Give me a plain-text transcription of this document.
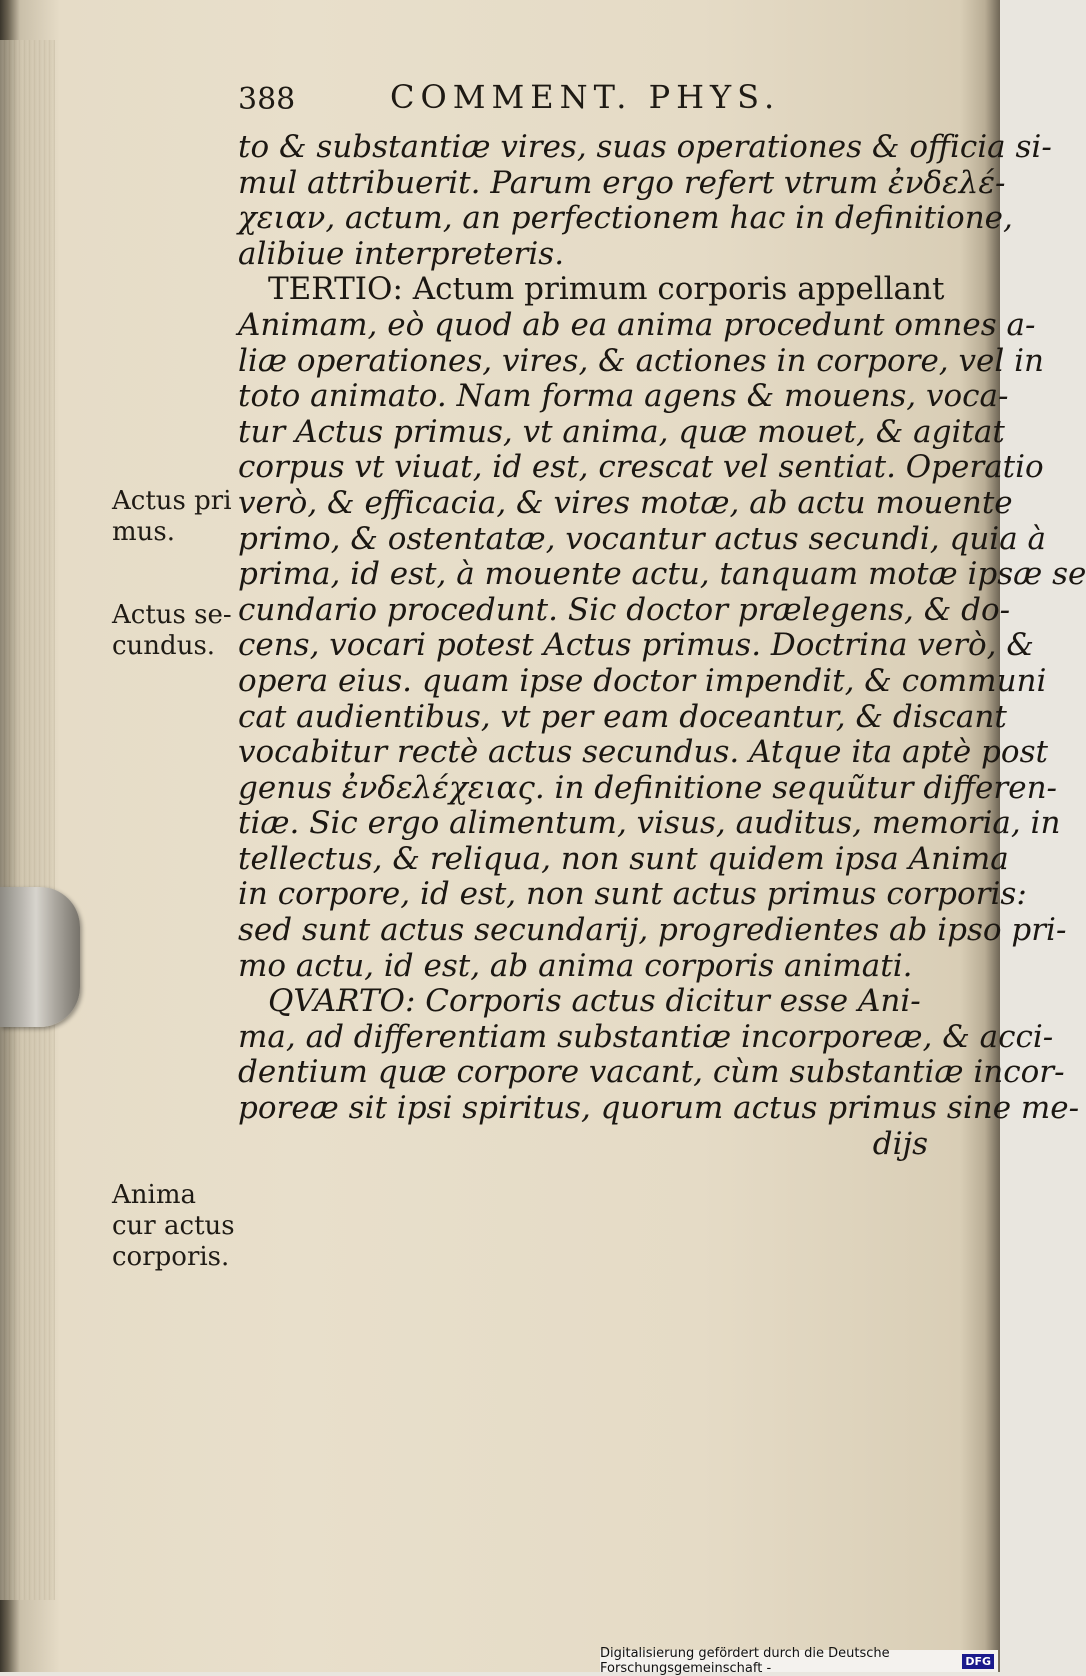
388	COMMENT. PHYS.
to & substantiæ vires, suas operationes & officia si-
mul attribuerit. Parum ergo refert vtrum ἐνδελέ-
χειαν, actum, an perfectionem hac in definitione,
alibiue interpreteris.
TERTIO: Actum primum corporis appellant
Animam, eò quod ab ea anima procedunt omnes a-
liæ operationes, vires, & actiones in corpore, vel in
toto animato. Nam forma agens & mouens, voca-
tur Actus primus, vt anima, quæ mouet, & agitat
corpus vt viuat, id est, crescat vel sentiat. Operatio
verò, & efficacia, & vires motæ, ab actu mouente
primo, & ostentatæ, vocantur actus secundi, quia à
prima, id est, à mouente actu, tanquam motæ ipsæ se
cundario procedunt. Sic doctor prælegens, & do-
cens, vocari potest Actus primus. Doctrina verò, &
opera eius. quam ipse doctor impendit, & communi
cat audientibus, vt per eam doceantur, & discant
vocabitur rectè actus secundus. Atque ita aptè post
genus ἐνδελέχειας. in definitione sequũtur differen-
tiæ. Sic ergo alimentum, visus, auditus, memoria, in
tellectus, & reliqua, non sunt quidem ipsa Anima
in corpore, id est, non sunt actus primus corporis:
sed sunt actus secundarij, progredientes ab ipso pri-
mo actu, id est, ab anima corporis animati.
QVARTO: Corporis actus dicitur esse Ani-
ma, ad differentiam substantiæ incorporeæ, & acci-
dentium quæ corpore vacant, cùm substantiæ incor-
poreæ sit ipsi spiritus, quorum actus primus sine me-
dijs
Actus pri
mus.
Actus se-
cundus.
Anima
cur actus
corporis.
Digitalisierung gefördert durch die Deutsche Forschungsgemeinschaft -	DFG
